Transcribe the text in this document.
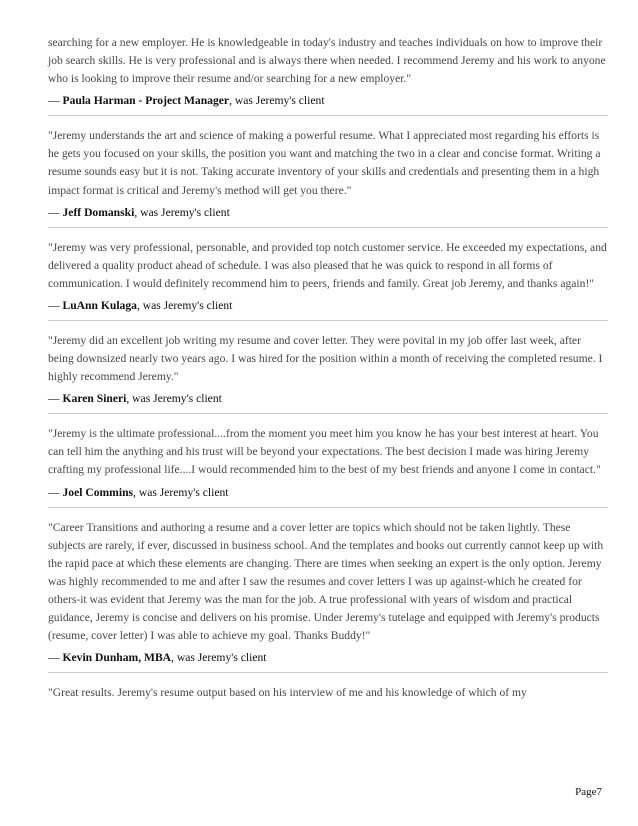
searching for a new employer. He is knowledgeable in today's industry and teaches individuals on how to improve their job search skills. He is very professional and is always there when needed. I recommend Jeremy and his work to anyone who is looking to improve their resume and/or searching for a new employer."

— Paula Harman - Project Manager, was Jeremy's client

"Jeremy understands the art and science of making a powerful resume. What I appreciated most regarding his efforts is he gets you focused on your skills, the position you want and matching the two in a clear and concise format. Writing a resume sounds easy but it is not. Taking accurate inventory of your skills and credentials and presenting them in a high impact format is critical and Jeremy's method will get you there."

— Jeff Domanski, was Jeremy's client

"Jeremy was very professional, personable, and provided top notch customer service. He exceeded my expectations, and delivered a quality product ahead of schedule. I was also pleased that he was quick to respond in all forms of communication. I would definitely recommend him to peers, friends and family. Great job Jeremy, and thanks again!"

— LuAnn Kulaga, was Jeremy's client

"Jeremy did an excellent job writing my resume and cover letter. They were povital in my job offer last week, after being downsized nearly two years ago. I was hired for the position within a month of receiving the completed resume. I highly recommend Jeremy."

— Karen Sineri, was Jeremy's client

"Jeremy is the ultimate professional....from the moment you meet him you know he has your best interest at heart. You can tell him the anything and his trust will be beyond your expectations. The best decision I made was hiring Jeremy crafting my professional life....I would recommended him to the best of my best friends and anyone I come in contact."

— Joel Commins, was Jeremy's client

"Career Transitions and authoring a resume and a cover letter are topics which should not be taken lightly. These subjects are rarely, if ever, discussed in business school. And the templates and books out currently cannot keep up with the rapid pace at which these elements are changing. There are times when seeking an expert is the only option. Jeremy was highly recommended to me and after I saw the resumes and cover letters I was up against-which he created for others-it was evident that Jeremy was the man for the job. A true professional with years of wisdom and practical guidance, Jeremy is concise and delivers on his promise. Under Jeremy's tutelage and equipped with Jeremy's products (resume, cover letter) I was able to achieve my goal. Thanks Buddy!"

— Kevin Dunham, MBA, was Jeremy's client

"Great results. Jeremy's resume output based on his interview of me and his knowledge of which of my

Page7
